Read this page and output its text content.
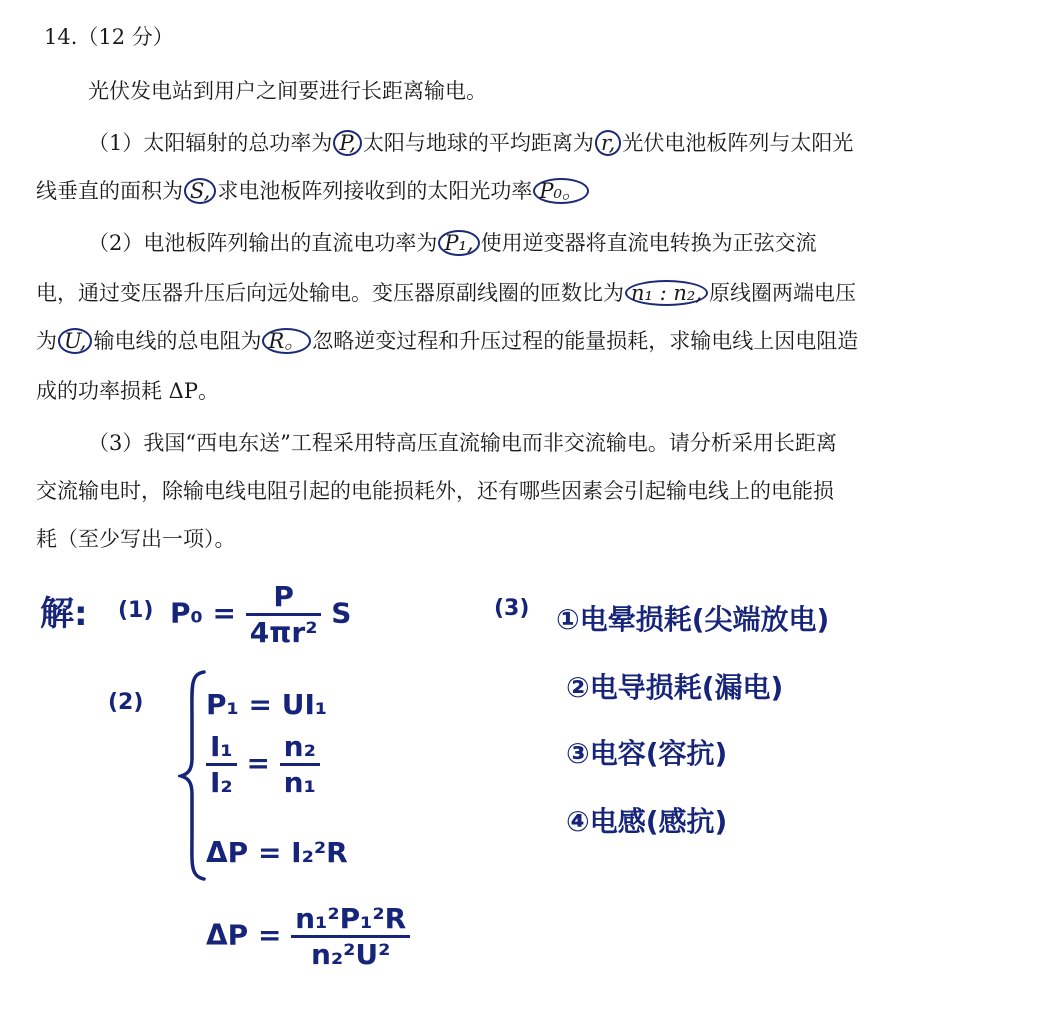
14.（12 分）
光伏发电站到用户之间要进行长距离输电。
（1）太阳辐射的总功率为 P, 太阳与地球的平均距离为 r, 光伏电池板阵列与太阳光
线垂直的面积为 S, 求电池板阵列接收到的太阳光功率 P₀。
（2）电池板阵列输出的直流电功率为 P₁, 使用逆变器将直流电转换为正弦交流
电，通过变压器升压后向远处输电。变压器原副线圈的匝数比为 n₁ : n₂, 原线圈两端电压
为 U, 输电线的总电阻为 R。 忽略逆变过程和升压过程的能量损耗，求输电线上因电阻造
成的功率损耗 ΔP。
（3）我国“西电东送”工程采用特高压直流输电而非交流输电。请分析采用长距离
交流输电时，除输电线电阻引起的电能损耗外，还有哪些因素会引起输电线上的电能损
耗（至少写出一项）。
解: (1) $P_0 = \frac{P}{\text{4πr²}}$ S
(2) P₁ = UI₁
$\frac{\text{I₁}}{\text{I₂}} = \frac{\text{n₂}}{\text{n₁}}$
ΔP = I₂²R
$\Delta P = \frac{\text{n₁²P₁²R}}{\text{n₂²U²}}$
(3) ①电晕损耗(尖端放电)
②电导损耗(漏电)
③电容(容抗)
④电感(感抗)
